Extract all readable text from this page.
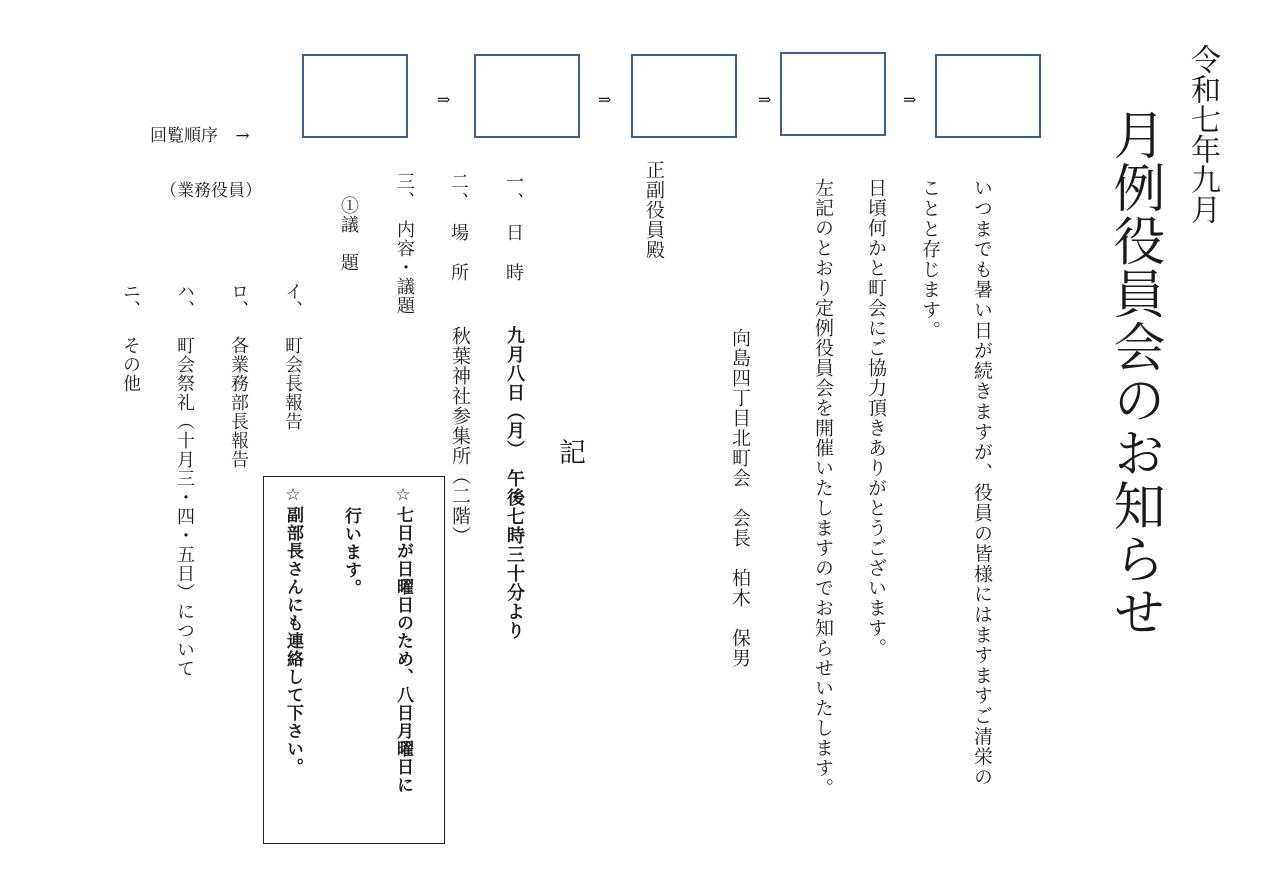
回覧順序 →
（業務役員）
⇒	⇒	⇒	⇒	令和七年九月
月例役員会のお知らせ
いつまでも暑い日が続きますが、役員の皆様にはますますご清栄の
ことと存じます。
日頃何かと町会にご協力頂きありがとうございます。
左記のとおり定例役員会を開催いたしますのでお知らせいたします。
向島四丁目北町会　会長　柏木　保男
正副役員殿
記
一、　日　時
九月八日（月）　午後七時三十分より
二、　場　所
秋葉神社参集所（二階）
三、　内容・議題
①議　題
イ、
町会長報告
ロ、
各業務部長報告
ハ、
町会祭礼（十月三・四・五日）について
ニ、
その他
☆七日が日曜日のため、八日月曜日に
行います。
☆副部長さんにも連絡して下さい。
